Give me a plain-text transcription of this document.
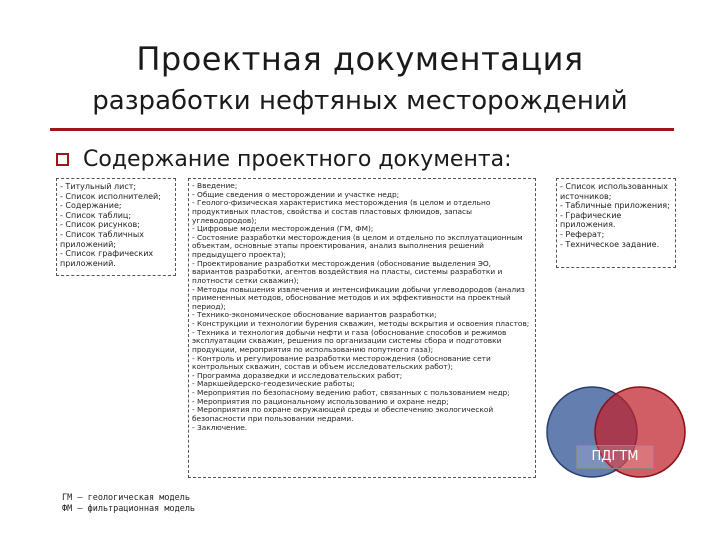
Проектная документация
разработки нефтяных месторождений
Содержание проектного документа:

- Титульный лист;

- Список исполнителей;

- Содержание;

- Список таблиц;

- Список рисунков;

- Список табличных приложений;

- Список графических приложений.

- Введение;

- Общие сведения о месторождении и участке недр;

- Геолого-физическая характеристика месторождения (в целом и отдельно продуктивных пластов, свойства и состав пластовых флюидов, запасы углеводородов);

- Цифровые модели месторождения (ГМ, ФМ);

- Состояние разработки месторождения (в целом и отдельно по эксплуатационным объектам, основные этапы проектирования, анализ выполнения решений предыдущего проекта);

- Проектирование разработки месторождения (обоснование выделения ЭО, вариантов разработки, агентов воздействия на пласты, системы разработки и плотности сетки скважин);

- Методы повышения извлечения и интенсификации добычи углеводородов (анализ примененных методов, обоснование методов и их эффективности на проектный период);

- Технико-экономическое обоснование вариантов разработки;

- Конструкции и технологии бурения скважин, методы вскрытия и освоения пластов;

- Техника и технология добычи нефти и газа (обоснование способов и режимов эксплуатации скважин, решения по организации системы сбора и подготовки продукции, мероприятия по использованию попутного газа);

- Контроль и регулирование разработки месторождения (обоснование сети контрольных скважин, состав и объем исследовательских работ);

- Программа доразведки и исследовательских работ;

- Маркшейдерско-геодезические работы;

- Мероприятия по безопасному ведению работ, связанных с пользованием недр;

- Мероприятия по рациональному использованию и охране недр;

- Мероприятия по охране окружающей среды и обеспечению экологической безопасности при пользовании недрами.

- Заключение.

- Список использованных источников;

- Табличные приложения;

- Графические приложения.

- Реферат;

- Техническое задание.

ПДГТМ
ГМ – геологическая модель
ФМ – фильтрационная модель
